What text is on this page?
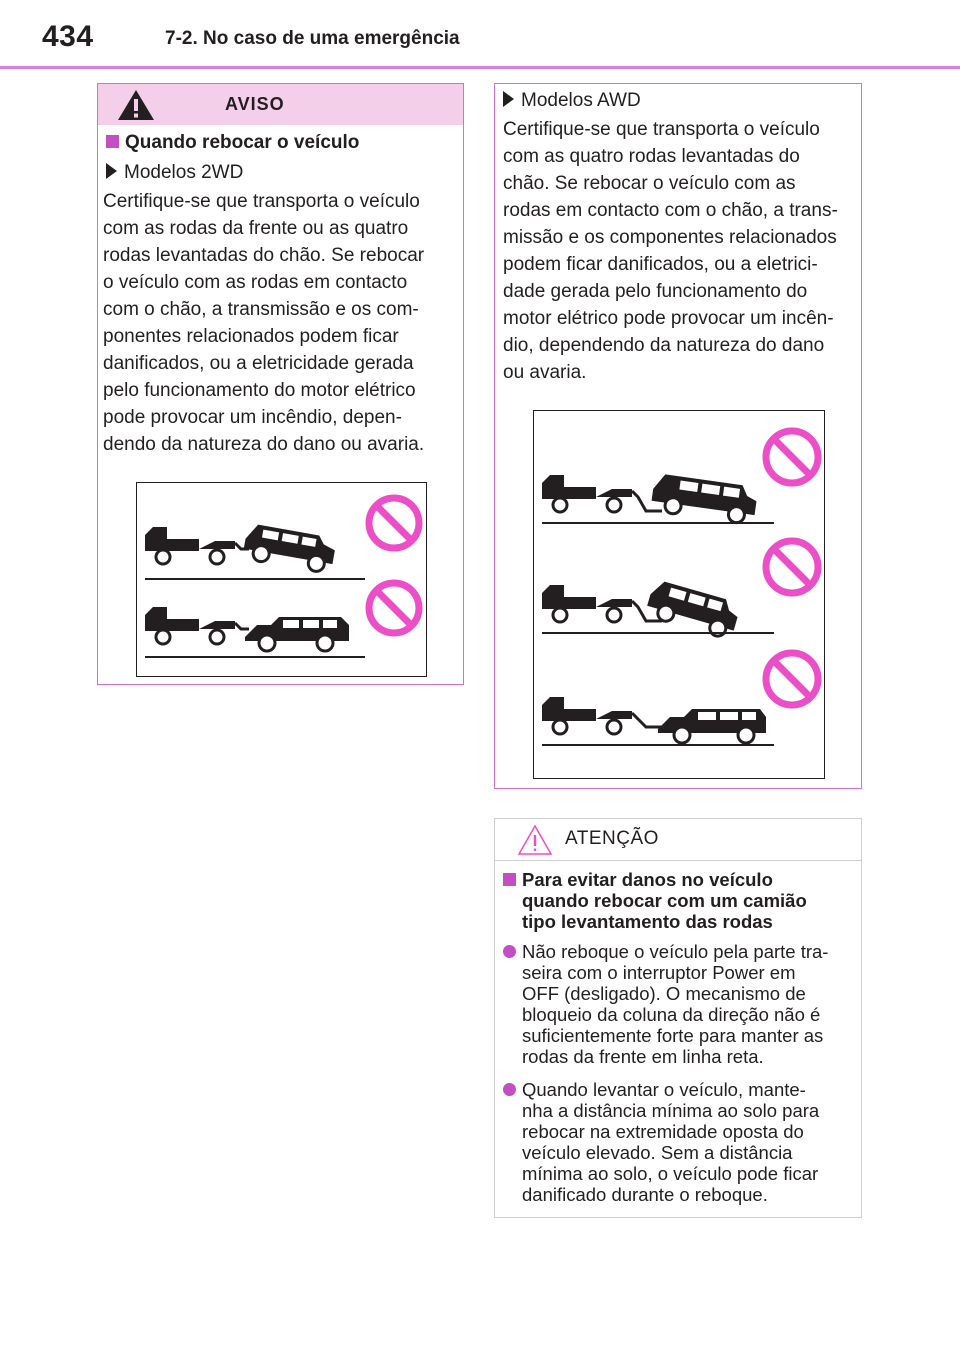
434	7-2. No caso de uma emergência
AVISO
Quando rebocar o veículo
Modelos 2WD
Certifique-se que transporta o veículo
com as rodas da frente ou as quatro
rodas levantadas do chão. Se rebocar
o veículo com as rodas em contacto
com o chão, a transmissão e os com-
ponentes relacionados podem ficar
danificados, ou a eletricidade gerada
pelo funcionamento do motor elétrico
pode provocar um incêndio, depen-
dendo da natureza do dano ou avaria.
Modelos AWD
Certifique-se que transporta o veículo
com as quatro rodas levantadas do
chão. Se rebocar o veículo com as
rodas em contacto com o chão, a trans-
missão e os componentes relacionados
podem ficar danificados, ou a eletrici-
dade gerada pelo funcionamento do
motor elétrico pode provocar um incên-
dio, dependendo da natureza do dano
ou avaria.
ATENÇÃO
Para evitar danos no veículo
quando rebocar com um camião
tipo levantamento das rodas
Não reboque o veículo pela parte tra-
seira com o interruptor Power em
OFF (desligado). O mecanismo de
bloqueio da coluna da direção não é
suficientemente forte para manter as
rodas da frente em linha reta.
Quando levantar o veículo, mante-
nha a distância mínima ao solo para
rebocar na extremidade oposta do
veículo elevado. Sem a distância
mínima ao solo, o veículo pode ficar
danificado durante o reboque.
